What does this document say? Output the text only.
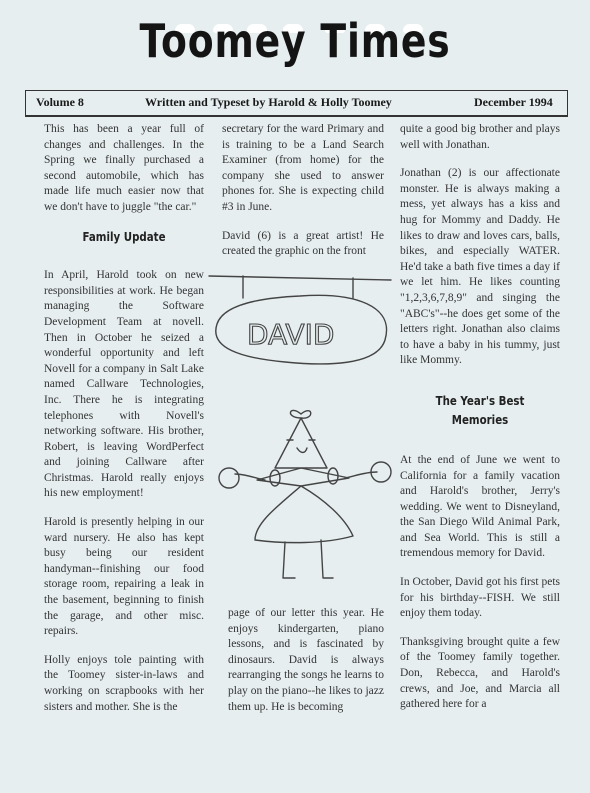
Toomey Times
Volume 8	Written and Typeset by Harold & Holly Toomey	December 1994

This has been a year full of changes and challenges. In the Spring we finally purchased a second automobile, which has made life much easier now that we don't have to juggle "the car."

Family Update

In April, Harold took on new responsibilities at work. He began managing the Software Development Team at novell. Then in October he seized a wonderful opportunity and left Novell for a company in Salt Lake named Callware Technologies, Inc. There he is integrating telephones with Novell's networking software. His brother, Robert, is leaving WordPerfect and joining Callware after Christmas. Harold really enjoys his new employment!

Harold is presently helping in our ward nursery. He also has kept busy being our resident handyman--finishing our food storage room, repairing a leak in the basement, beginning to finish the garage, and other misc. repairs.

Holly enjoys tole painting with the Toomey sister-in-laws and working on scrapbooks with her sisters and mother. She is the

secretary for the ward Primary and is training to be a Land Search Examiner (from home) for the company she used to answer phones for. She is expecting child #3 in June.

David (6) is a great artist! He created the graphic on the front

DAVID

page of our letter this year. He enjoys kindergarten, piano lessons, and is fascinated by dinosaurs. David is always rearranging the songs he learns to play on the piano--he likes to jazz them up. He is becoming

quite a good big brother and plays well with Jonathan.

Jonathan (2) is our affectionate monster. He is always making a mess, yet always has a kiss and hug for Mommy and Daddy. He likes to draw and loves cars, balls, bikes, and especially WATER. He'd take a bath five times a day if we let him. He likes counting "1,2,3,6,7,8,9" and singing the "ABC's"--he does get some of the letters right. Jonathan also claims to have a baby in his tummy, just like Mommy.

The Year's Best Memories

At the end of June we went to California for a family vacation and Harold's brother, Jerry's wedding. We went to Disneyland, the San Diego Wild Animal Park, and Sea World. This is still a tremendous memory for David.

In October, David got his first pets for his birthday--FISH. We still enjoy them today.

Thanksgiving brought quite a few of the Toomey family together. Don, Rebecca, and Harold's crews, and Joe, and Marcia all gathered here for a
